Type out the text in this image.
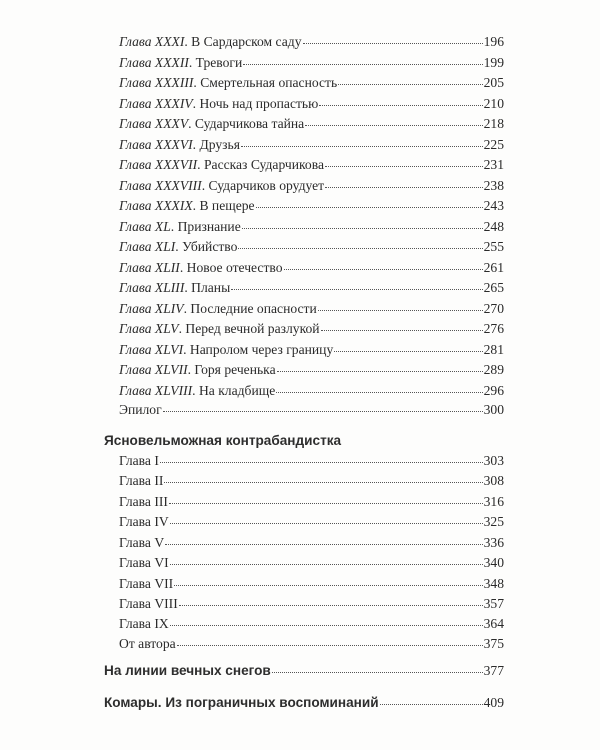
Глава XXXI. В Сардарском саду	196
Глава XXXII. Тревоги	199
Глава XXXIII. Смертельная опасность	205
Глава XXXIV. Ночь над пропастью	210
Глава XXXV. Сударчикова тайна	218
Глава XXXVI. Друзья	225
Глава XXXVII. Рассказ Сударчикова	231
Глава XXXVIII. Сударчиков орудует	238
Глава XXXIX. В пещере	243
Глава XL. Признание	248
Глава XLI. Убийство	255
Глава XLII. Новое отечество	261
Глава XLIII. Планы	265
Глава XLIV. Последние опасности	270
Глава XLV. Перед вечной разлукой	276
Глава XLVI. Напролом через границу	281
Глава XLVII. Горя реченька	289
Глава XLVIII. На кладбище	296
Эпилог	300
Ясновельможная контрабандистка
Глава I	303
Глава II	308
Глава III	316
Глава IV	325
Глава V	336
Глава VI	340
Глава VII	348
Глава VIII	357
Глава IX	364
От автора	375
На линии вечных снегов	377
Комары. Из пограничных воспоминаний	409
